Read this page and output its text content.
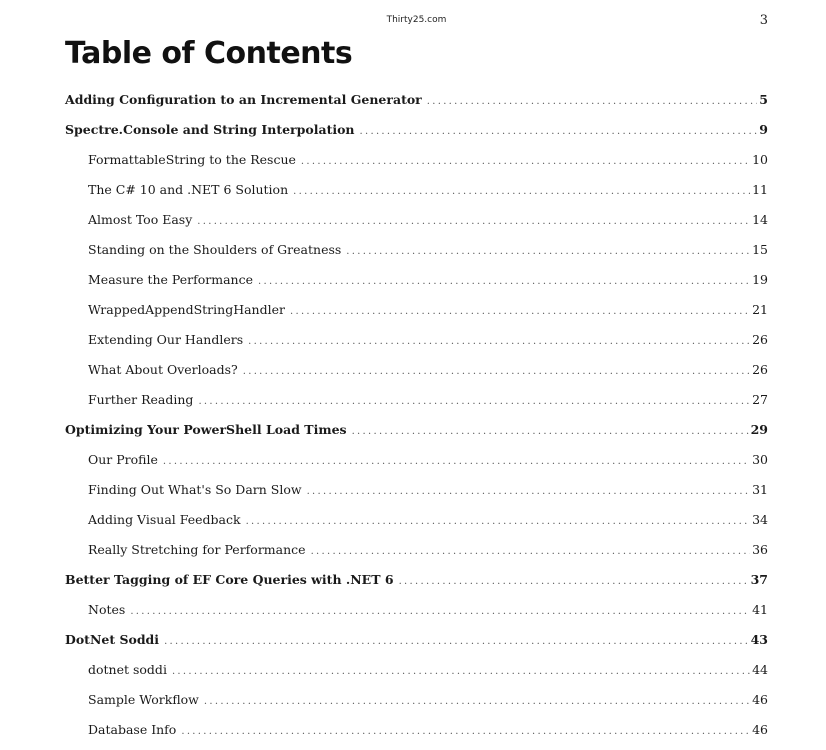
Thirty25.com	3
Table of Contents
Adding Configuration to an Incremental Generator .....	5
Spectre.Console and String Interpolation .....	9
FormattableString to the Rescue .....	10
The C# 10 and .NET 6 Solution .....	11
Almost Too Easy .....	14
Standing on the Shoulders of Greatness .....	15
Measure the Performance .....	19
WrappedAppendStringHandler .....	21
Extending Our Handlers .....	26
What About Overloads? .....	26
Further Reading .....	27
Optimizing Your PowerShell Load Times .....	29
Our Profile .....	30
Finding Out What's So Darn Slow .....	31
Adding Visual Feedback .....	34
Really Stretching for Performance .....	36
Better Tagging of EF Core Queries with .NET 6 .....	37
Notes .....	41
DotNet Soddi .....	43
dotnet soddi .....	44
Sample Workflow .....	46
Database Info .....	46
